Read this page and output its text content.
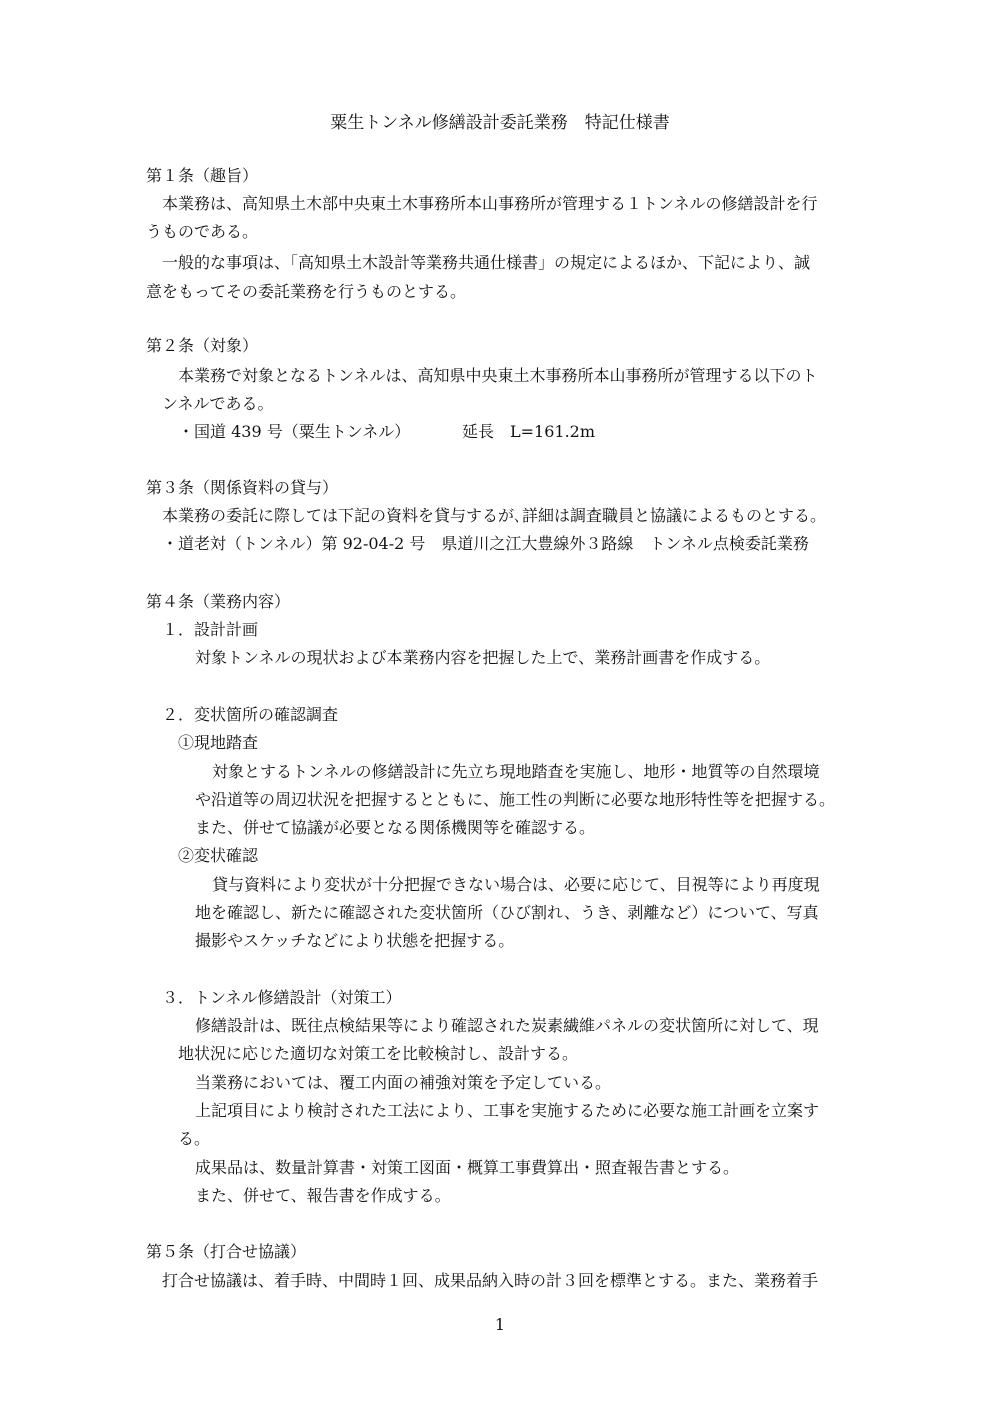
粟生トンネル修繕設計委託業務　特記仕様書
第１条（趣旨）
本業務は、高知県土木部中央東土木事務所本山事務所が管理する１トンネルの修繕設計を行
うものである。
一般的な事項は、「高知県土木設計等業務共通仕様書」の規定によるほか、下記により、誠
意をもってその委託業務を行うものとする。
第２条（対象）
本業務で対象となるトンネルは、高知県中央東土木事務所本山事務所が管理する以下のト
ンネルである。
・国道 439 号（粟生トンネル）	延長　L=161.2m
第３条（関係資料の貸与）
本業務の委託に際しては下記の資料を貸与するが､詳細は調査職員と協議によるものとする。
・道老対（トンネル）第 92-04-2 号　県道川之江大豊線外３路線　トンネル点検委託業務
第４条（業務内容）
１．設計計画
対象トンネルの現状および本業務内容を把握した上で、業務計画書を作成する。
２．変状箇所の確認調査
①現地踏査
対象とするトンネルの修繕設計に先立ち現地踏査を実施し、地形・地質等の自然環境
や沿道等の周辺状況を把握するとともに、施工性の判断に必要な地形特性等を把握する。
また、併せて協議が必要となる関係機関等を確認する。
②変状確認
貸与資料により変状が十分把握できない場合は、必要に応じて、目視等により再度現
地を確認し、新たに確認された変状箇所（ひび割れ、うき、剥離など）について、写真
撮影やスケッチなどにより状態を把握する。
３．トンネル修繕設計（対策工）
修繕設計は、既往点検結果等により確認された炭素繊維パネルの変状箇所に対して、現
地状況に応じた適切な対策工を比較検討し、設計する。
当業務においては、覆工内面の補強対策を予定している。
上記項目により検討された工法により、工事を実施するために必要な施工計画を立案す
る。
成果品は、数量計算書・対策工図面・概算工事費算出・照査報告書とする。
また、併せて、報告書を作成する。
第５条（打合せ協議）
打合せ協議は、着手時、中間時１回、成果品納入時の計３回を標準とする。また、業務着手
1
